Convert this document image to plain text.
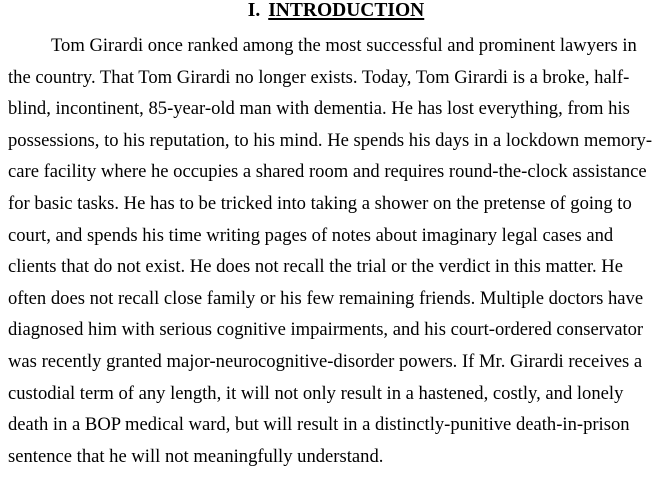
I. INTRODUCTION
Tom Girardi once ranked among the most successful and prominent lawyers in
the country. That Tom Girardi no longer exists. Today, Tom Girardi is a broke, half-
blind, incontinent, 85-year-old man with dementia. He has lost everything, from his
possessions, to his reputation, to his mind. He spends his days in a lockdown memory-
care facility where he occupies a shared room and requires round-the-clock assistance
for basic tasks. He has to be tricked into taking a shower on the pretense of going to
court, and spends his time writing pages of notes about imaginary legal cases and
clients that do not exist. He does not recall the trial or the verdict in this matter. He
often does not recall close family or his few remaining friends. Multiple doctors have
diagnosed him with serious cognitive impairments, and his court-ordered conservator
was recently granted major-neurocognitive-disorder powers. If Mr. Girardi receives a
custodial term of any length, it will not only result in a hastened, costly, and lonely
death in a BOP medical ward, but will result in a distinctly-punitive death-in-prison
sentence that he will not meaningfully understand.
